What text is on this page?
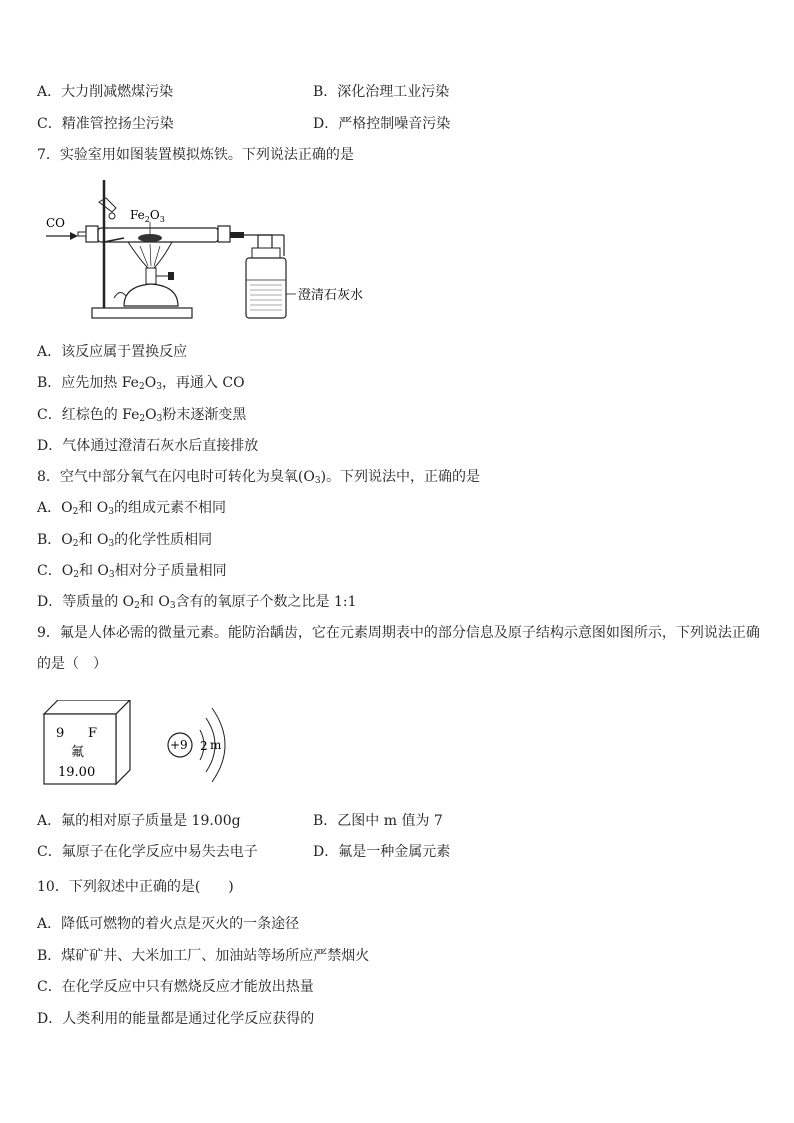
A．大力削减燃煤污染	B．深化治理工业污染
C．精准管控扬尘污染	D．严格控制噪音污染
7．实验室用如图装置模拟炼铁。下列说法正确的是
CO
$Fe_2O_3$
澄清石灰水
A．该反应属于置换反应
B．应先加热 $Fe_2O_3$，再通入 CO
C．红棕色的 $Fe_2O_3$粉末逐渐变黑
D．气体通过澄清石灰水后直接排放
8．空气中部分氧气在闪电时可转化为臭氧$(O_3)$。下列说法中，正确的是
A．$O_2$和 $O_3$的组成元素不相同
B．$O_2$和 $O_3$的化学性质相同
C．$O_2$和 $O_3$相对分子质量相同
D．等质量的 $O_2$和 $O_3$含有的氧原子个数之比是 1:1
9．氟是人体必需的微量元素。能防治龋齿，它在元素周期表中的部分信息及原子结构示意图如图所示，下列说法正确
的是（　）
9 F
氟
19.00
+9 2 m
A．氟的相对原子质量是 19.00g	B．乙图中 m 值为 7
C．氟原子在化学反应中易失去电子	D．氟是一种金属元素
10．下列叙述中正确的是(　　)
A．降低可燃物的着火点是灭火的一条途径
B．煤矿矿井、大米加工厂、加油站等场所应严禁烟火
C．在化学反应中只有燃烧反应才能放出热量
D．人类利用的能量都是通过化学反应获得的
